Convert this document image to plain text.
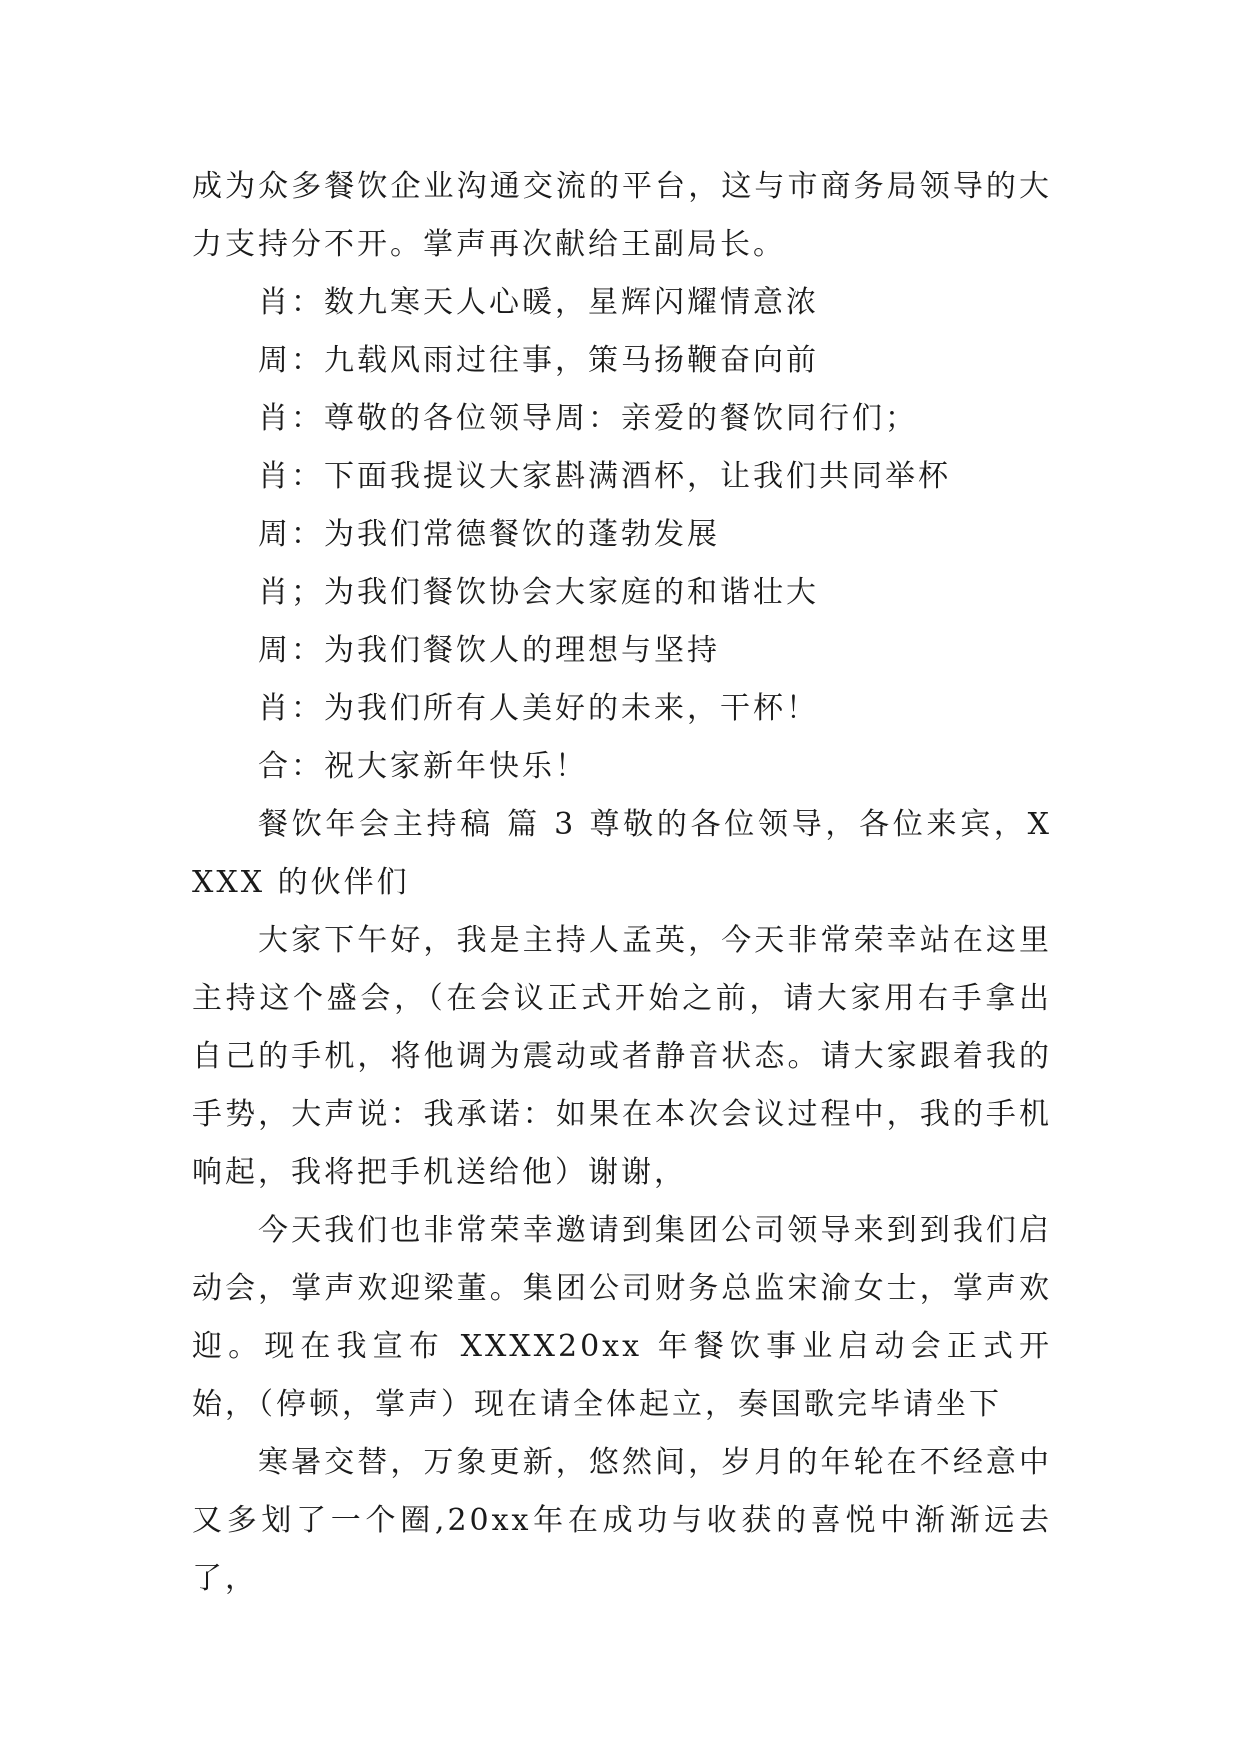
成为众多餐饮企业沟通交流的平台，这与市商务局领导的大力支持分不开。掌声再次献给王副局长。

肖：数九寒天人心暖，星辉闪耀情意浓

周：九载风雨过往事，策马扬鞭奋向前

肖：尊敬的各位领导周：亲爱的餐饮同行们；

肖：下面我提议大家斟满酒杯，让我们共同举杯

周：为我们常德餐饮的蓬勃发展

肖；为我们餐饮协会大家庭的和谐壮大

周：为我们餐饮人的理想与坚持

肖：为我们所有人美好的未来，干杯！

合：祝大家新年快乐！

餐饮年会主持稿 篇 3 尊敬的各位领导，各位来宾，XXXX 的伙伴们

大家下午好，我是主持人孟英，今天非常荣幸站在这里主持这个盛会，（在会议正式开始之前，请大家用右手拿出自己的手机，将他调为震动或者静音状态。请大家跟着我的手势，大声说：我承诺：如果在本次会议过程中，我的手机响起，我将把手机送给他）谢谢，

今天我们也非常荣幸邀请到集团公司领导来到到我们启动会，掌声欢迎梁董。集团公司财务总监宋渝女士，掌声欢迎。现在我宣布 XXXX20xx 年餐饮事业启动会正式开始，（停顿，掌声）现在请全体起立，奏国歌完毕请坐下

寒暑交替，万象更新，悠然间，岁月的年轮在不经意中又多划了一个圈,20xx年在成功与收获的喜悦中渐渐远去了，
